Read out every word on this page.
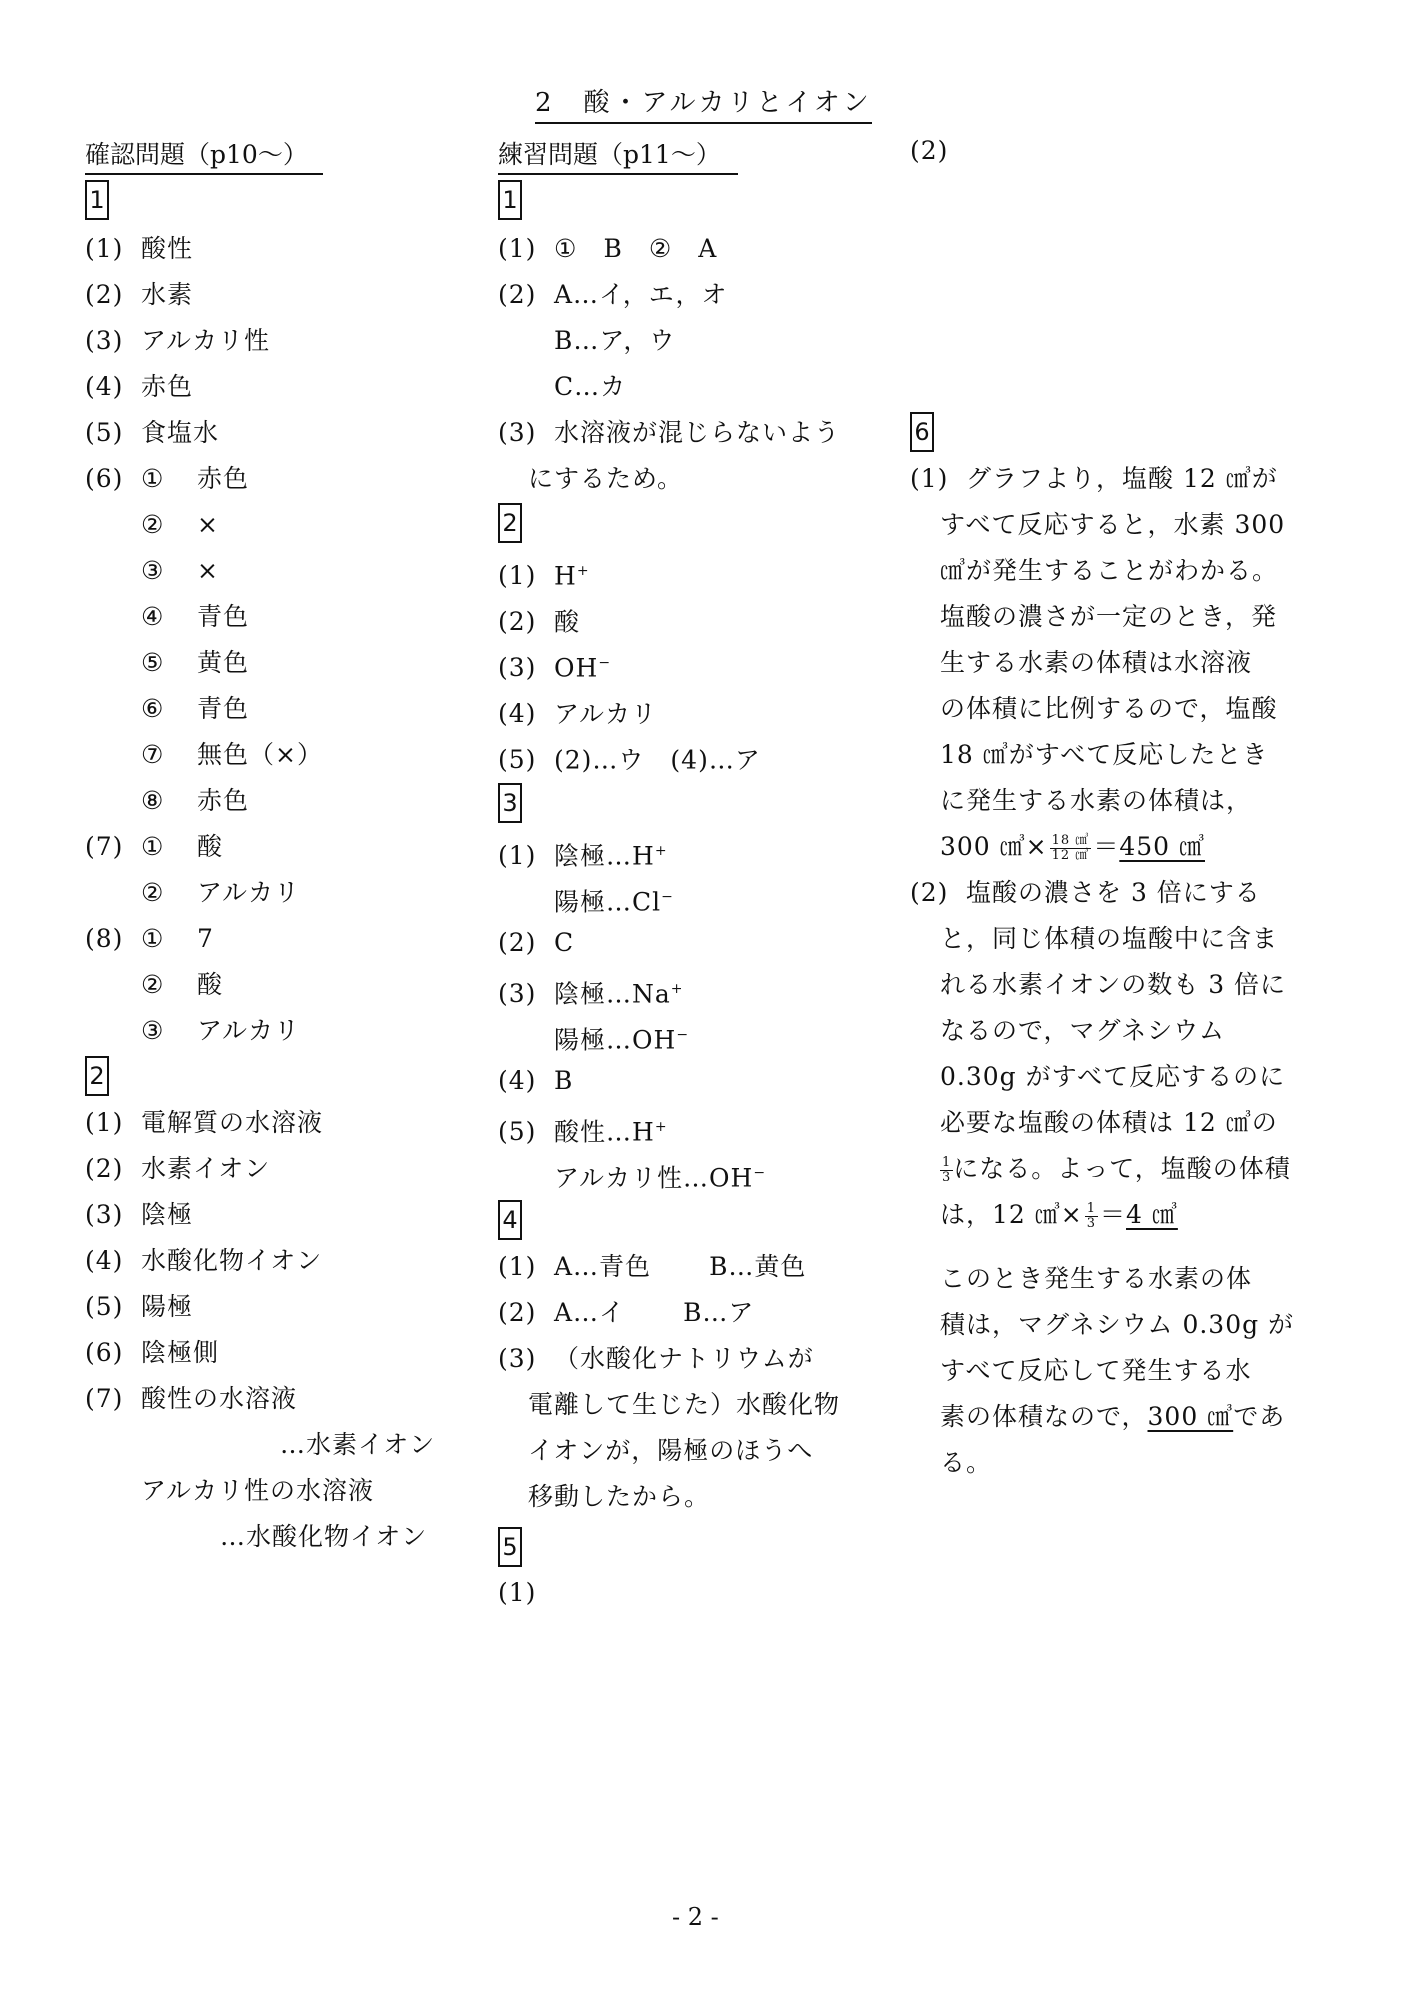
2　酸・アルカリとイオン
確認問題（p10～）
1
練習問題（p11～）
1
(1) ①　 B　 ②　 A
(2) A…イ，エ，オ
B…ア，ウ
C…カ
(3) 水溶液が混じらないよう
にするため。
2
3
(1) 陰極…H+
陽極…Cl−
(2) C
(3) 陰極…Na+
陽極…OH−
(4) B
(5) 酸性…H+
アルカリ性…OH−
4
(1) A…青色 B…黄色
(2) A…イ B…ア
(3) （水酸化ナトリウムが
電離して生じた）水酸化物
イオンが，陽極のほうへ
移動したから。
5
(1)
(2)
6
(1) グラフより，塩酸 12 ㎤が
300 ㎤× $\frac{18 ㎤}{12 ㎤} =450$ ㎤
(2) 塩酸の濃さを 3 倍にする
$\frac{1}{3}$ になる。よって，塩酸の体積
は，12 ㎤× $\frac{1}{3} =4$ ㎤
素の体積なので，300 ㎤であ
る。
- 2 -
(1) 酸性
(2) 水素
(3) アルカリ性
(4) 赤色
(5) 食塩水
(6) ① 赤色
② ×
③ ×
④ 青色
⑤ 黄色
⑥ 青色
⑦ 無色（×）
⑧ 赤色
(7) ① 酸
② アルカリ
(8) ① 7
② 酸
③ アルカリ
2
(1) 電解質の水溶液
(2) 水素イオン
(3) 陰極
(4) 水酸化物イオン
(5) 陽極
(6) 陰極側
(7) 酸性の水溶液
…水素イオン
アルカリ性の水溶液
…水酸化物イオン
(1) H+
(2) 酸
(3) OH−
(4) アルカリ
(5) (2)…ウ　(4)…ア
すべて反応すると，水素 300
㎤が発生することがわかる。
塩酸の濃さが一定のとき，発
生する水素の体積は水溶液
の体積に比例するので，塩酸
18 ㎤がすべて反応したとき
に発生する水素の体積は，
と，同じ体積の塩酸中に含ま
れる水素イオンの数も 3 倍に
なるので，マグネシウム
0.30g がすべて反応するのに
必要な塩酸の体積は 12 ㎤の
このとき発生する水素の体
積は，マグネシウム 0.30g が
すべて反応して発生する水
